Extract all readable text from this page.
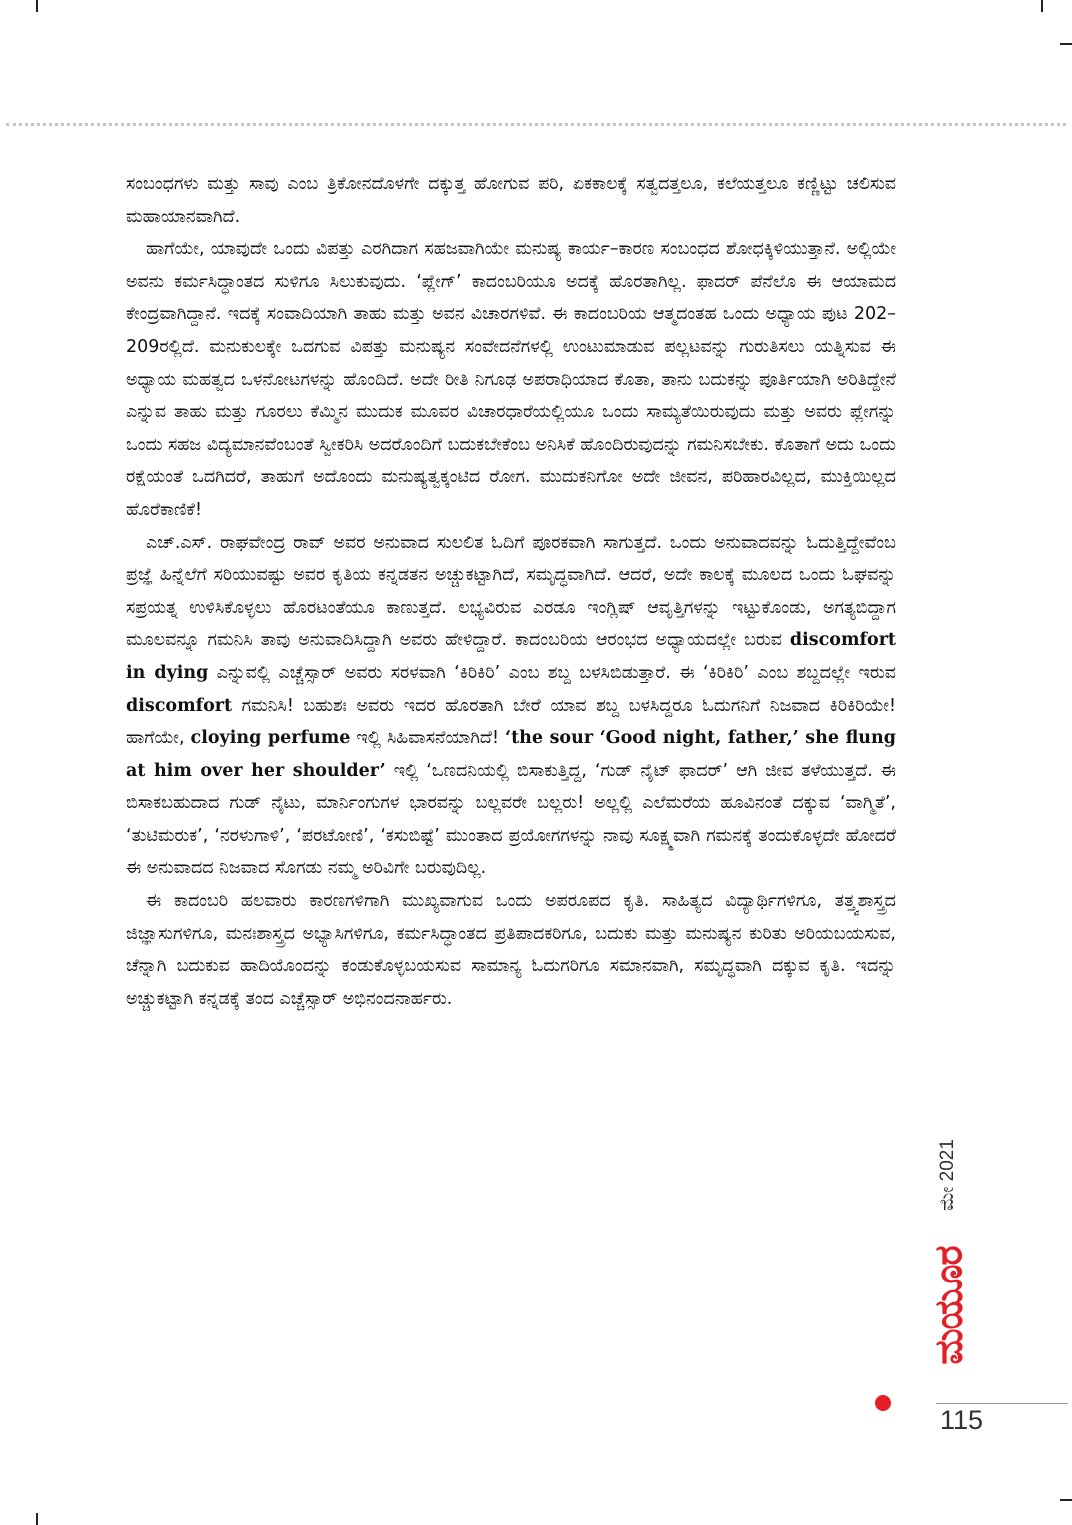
ಸಂಬಂಧಗಳು ಮತ್ತು ಸಾವು ಎಂಬ ತ್ರಿಕೋನದೊಳಗೇ ದಕ್ಕುತ್ತ ಹೋಗುವ ಪರಿ, ಏಕಕಾಲಕ್ಕೆ ಸತ್ವದತ್ತಲೂ, ಕಲೆಯತ್ತಲೂ ಕಣ್ಣಿಟ್ಟು ಚಲಿಸುವ ಮಹಾಯಾನವಾಗಿದೆ.

ಹಾಗೆಯೇ, ಯಾವುದೇ ಒಂದು ವಿಪತ್ತು ಎರಗಿದಾಗ ಸಹಜವಾಗಿಯೇ ಮನುಷ್ಯ ಕಾರ್ಯ–ಕಾರಣ ಸಂಬಂಧದ ಶೋಧಕ್ಕಿಳಿಯುತ್ತಾನೆ. ಅಲ್ಲಿಯೇ ಅವನು ಕರ್ಮಸಿದ್ಧಾಂತದ ಸುಳಿಗೂ ಸಿಲುಕುವುದು. ‘ಪ್ಲೇಗ್’ ಕಾದಂಬರಿಯೂ ಅದಕ್ಕೆ ಹೊರತಾಗಿಲ್ಲ. ಫಾದರ್ ಪೆನೆಲೊ ಈ ಆಯಾಮದ ಕೇಂದ್ರವಾಗಿದ್ದಾನೆ. ಇದಕ್ಕೆ ಸಂವಾದಿಯಾಗಿ ತಾಹು ಮತ್ತು ಅವನ ವಿಚಾರಗಳಿವೆ. ಈ ಕಾದಂಬರಿಯ ಆತ್ಮದಂತಹ ಒಂದು ಅಧ್ಯಾಯ ಪುಟ 202–209ರಲ್ಲಿದೆ. ಮನುಕುಲಕ್ಕೇ ಒದಗುವ ವಿಪತ್ತು ಮನುಷ್ಯನ ಸಂವೇದನೆಗಳಲ್ಲಿ ಉಂಟುಮಾಡುವ ಪಲ್ಲಟವನ್ನು ಗುರುತಿಸಲು ಯತ್ನಿಸುವ ಈ ಅಧ್ಯಾಯ ಮಹತ್ವದ ಒಳನೋಟಗಳನ್ನು ಹೊಂದಿದೆ. ಅದೇ ರೀತಿ ನಿಗೂಢ ಅಪರಾಧಿಯಾದ ಕೊತಾ, ತಾನು ಬದುಕನ್ನು ಪೂರ್ತಿಯಾಗಿ ಅರಿತಿದ್ದೇನೆ ಎನ್ನುವ ತಾಹು ಮತ್ತು ಗೂರಲು ಕೆಮ್ಮಿನ ಮುದುಕ ಮೂವರ ವಿಚಾರಧಾರೆಯಲ್ಲಿಯೂ ಒಂದು ಸಾಮ್ಯತೆಯಿರುವುದು ಮತ್ತು ಅವರು ಪ್ಲೇಗನ್ನು ಒಂದು ಸಹಜ ವಿದ್ಯಮಾನವೆಂಬಂತೆ ಸ್ವೀಕರಿಸಿ ಅದರೊಂದಿಗೆ ಬದುಕಬೇಕೆಂಬ ಅನಿಸಿಕೆ ಹೊಂದಿರುವುದನ್ನು ಗಮನಿಸಬೇಕು. ಕೊತಾಗೆ ಅದು ಒಂದು ರಕ್ಷೆಯಂತೆ ಒದಗಿದರೆ, ತಾಹುಗೆ ಅದೊಂದು ಮನುಷ್ಯತ್ವಕ್ಕಂಟಿದ ರೋಗ. ಮುದುಕನಿಗೋ ಅದೇ ಜೀವನ, ಪರಿಹಾರವಿಲ್ಲದ, ಮುಕ್ತಿಯಿಲ್ಲದ ಹೊರೆಕಾಣಿಕೆ!

ಎಚ್.ಎಸ್. ರಾಘವೇಂದ್ರ ರಾವ್ ಅವರ ಅನುವಾದ ಸುಲಲಿತ ಓದಿಗೆ ಪೂರಕವಾಗಿ ಸಾಗುತ್ತದೆ. ಒಂದು ಅನುವಾದವನ್ನು ಓದುತ್ತಿದ್ದೇವೆಂಬ ಪ್ರಜ್ಞೆ ಹಿನ್ನೆಲೆಗೆ ಸರಿಯುವಷ್ಟು ಅವರ ಕೃತಿಯ ಕನ್ನಡತನ ಅಚ್ಚುಕಟ್ಟಾಗಿದೆ, ಸಮೃದ್ಧವಾಗಿದೆ. ಆದರೆ, ಅದೇ ಕಾಲಕ್ಕೆ ಮೂಲದ ಒಂದು ಓಘವನ್ನು ಸಪ್ರಯತ್ನ ಉಳಿಸಿಕೊಳ್ಳಲು ಹೊರಟಂತೆಯೂ ಕಾಣುತ್ತದೆ. ಲಭ್ಯವಿರುವ ಎರಡೂ ಇಂಗ್ಲಿಷ್ ಆವೃತ್ತಿಗಳನ್ನು ಇಟ್ಟುಕೊಂಡು, ಅಗತ್ಯಬಿದ್ದಾಗ ಮೂಲವನ್ನೂ ಗಮನಿಸಿ ತಾವು ಅನುವಾದಿಸಿದ್ದಾಗಿ ಅವರು ಹೇಳಿದ್ದಾರೆ. ಕಾದಂಬರಿಯ ಆರಂಭದ ಅಧ್ಯಾಯದಲ್ಲೇ ಬರುವ discomfort in dying ಎನ್ನುವಲ್ಲಿ ಎಚ್ಚೆಸ್ಸಾರ್ ಅವರು ಸರಳವಾಗಿ ‘ಕಿರಿಕಿರಿ’ ಎಂಬ ಶಬ್ದ ಬಳಸಿಬಿಡುತ್ತಾರೆ. ಈ ‘ಕಿರಿಕಿರಿ’ ಎಂಬ ಶಬ್ದದಲ್ಲೇ ಇರುವ discomfort ಗಮನಿಸಿ! ಬಹುಶಃ ಅವರು ಇದರ ಹೊರತಾಗಿ ಬೇರೆ ಯಾವ ಶಬ್ದ ಬಳಸಿದ್ದರೂ ಓದುಗನಿಗೆ ನಿಜವಾದ ಕಿರಿಕಿರಿಯೇ! ಹಾಗೆಯೇ, cloying perfume ಇಲ್ಲಿ ಸಿಹಿವಾಸನೆಯಾಗಿದೆ! ‘the sour ‘Good night, father,’ she flung at him over her shoulder’ ಇಲ್ಲಿ ‘ಒಣದನಿಯಲ್ಲಿ ಬಿಸಾಕುತ್ತಿದ್ದ, ‘ಗುಡ್ ನೈಟ್ ಫಾದರ್’ ಆಗಿ ಜೀವ ತಳೆಯುತ್ತದೆ. ಈ ಬಿಸಾಕಬಹುದಾದ ಗುಡ್ ನೈಟು, ಮಾರ್ನಿಂಗುಗಳ ಭಾರವನ್ನು ಬಲ್ಲವರೇ ಬಲ್ಲರು! ಅಲ್ಲಲ್ಲಿ ಎಲೆಮರೆಯ ಹೂವಿನಂತೆ ದಕ್ಕುವ ‘ವಾಗ್ಮಿತೆ’, ‘ತುಟಿಮರುಕ’, ‘ನರಳುಗಾಳಿ’, ‘ಪರಟೋಣಿ’, ‘ಕಸುಬಿಷ್ಟೆ’ ಮುಂತಾದ ಪ್ರಯೋಗಗಳನ್ನು ನಾವು ಸೂಕ್ಷ್ಮವಾಗಿ ಗಮನಕ್ಕೆ ತಂದುಕೊಳ್ಳದೇ ಹೋದರೆ ಈ ಅನುವಾದದ ನಿಜವಾದ ಸೊಗಡು ನಮ್ಮ ಅರಿವಿಗೇ ಬರುವುದಿಲ್ಲ.

ಈ ಕಾದಂಬರಿ ಹಲವಾರು ಕಾರಣಗಳಿಗಾಗಿ ಮುಖ್ಯವಾಗುವ ಒಂದು ಅಪರೂಪದ ಕೃತಿ. ಸಾಹಿತ್ಯದ ವಿದ್ಯಾರ್ಥಿಗಳಿಗೂ, ತತ್ತ್ವಶಾಸ್ತ್ರದ ಜಿಜ್ಞಾಸುಗಳಿಗೂ, ಮನಃಶಾಸ್ತ್ರದ ಅಭ್ಯಾಸಿಗಳಿಗೂ, ಕರ್ಮಸಿದ್ಧಾಂತದ ಪ್ರತಿಪಾದಕರಿಗೂ, ಬದುಕು ಮತ್ತು ಮನುಷ್ಯನ ಕುರಿತು ಅರಿಯಬಯಸುವ, ಚೆನ್ನಾಗಿ ಬದುಕುವ ಹಾದಿಯೊಂದನ್ನು ಕಂಡುಕೊಳ್ಳಬಯಸುವ ಸಾಮಾನ್ಯ ಓದುಗರಿಗೂ ಸಮಾನವಾಗಿ, ಸಮೃದ್ಧವಾಗಿ ದಕ್ಕುವ ಕೃತಿ. ಇದನ್ನು ಅಚ್ಚುಕಟ್ಟಾಗಿ ಕನ್ನಡಕ್ಕೆ ತಂದ ಎಚ್ಚೆಸ್ಸಾರ್ ಅಭಿನಂದನಾರ್ಹರು.

ಮೇ 2021
ಮಯೂರ
115
